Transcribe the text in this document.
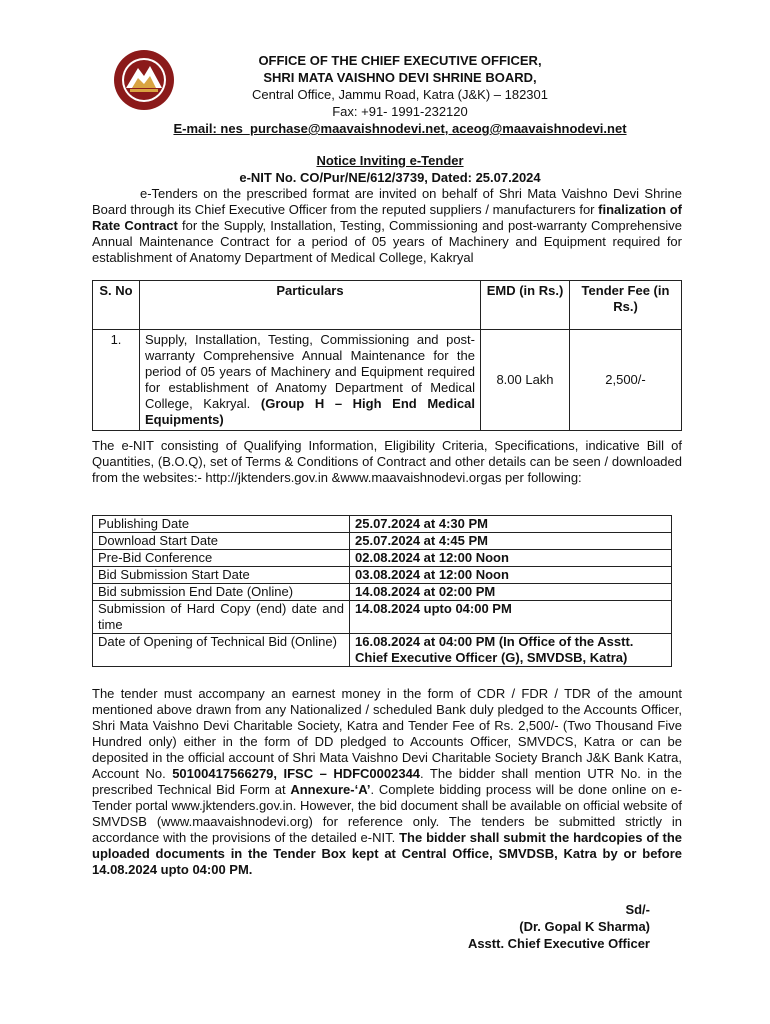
OFFICE OF THE CHIEF EXECUTIVE OFFICER,
SHRI MATA VAISHNO DEVI SHRINE BOARD,
Central Office, Jammu Road, Katra (J&K) – 182301
Fax: +91- 1991-232120
E-mail: nes_purchase@maavaishnodevi.net, aceog@maavaishnodevi.net
Notice Inviting e-Tender
e-NIT No. CO/Pur/NE/612/3739, Dated: 25.07.2024
e-Tenders on the prescribed format are invited on behalf of Shri Mata Vaishno Devi Shrine Board through its Chief Executive Officer from the reputed suppliers / manufacturers for finalization of Rate Contract for the Supply, Installation, Testing, Commissioning and post-warranty Comprehensive Annual Maintenance Contract for a period of 05 years of Machinery and Equipment required for establishment of Anatomy Department of Medical College, Kakryal
S. No	Particulars	EMD (in Rs.)	Tender Fee (in Rs.)
1.	Supply, Installation, Testing, Commissioning and post-warranty Comprehensive Annual Maintenance for the period of 05 years of Machinery and Equipment required for establishment of Anatomy Department of Medical College, Kakryal. (Group H – High End Medical Equipments)	8.00 Lakh	2,500/-
The e-NIT consisting of Qualifying Information, Eligibility Criteria, Specifications, indicative Bill of Quantities, (B.O.Q), set of Terms & Conditions of Contract and other details can be seen / downloaded from the websites:- http://jktenders.gov.in &www.maavaishnodevi.orgas per following:
Publishing Date	25.07.2024 at 4:30 PM
Download Start Date	25.07.2024 at 4:45 PM
Pre-Bid Conference	02.08.2024 at 12:00 Noon
Bid Submission Start Date	03.08.2024 at 12:00 Noon
Bid submission End Date (Online)	14.08.2024 at 02:00 PM
Submission of Hard Copy (end) date and time	14.08.2024 upto 04:00 PM
Date of Opening of Technical Bid (Online)	16.08.2024 at 04:00 PM (In Office of the Asstt. Chief Executive Officer (G), SMVDSB, Katra)
The tender must accompany an earnest money in the form of CDR / FDR / TDR of the amount mentioned above drawn from any Nationalized / scheduled Bank duly pledged to the Accounts Officer, Shri Mata Vaishno Devi Charitable Society, Katra and Tender Fee of Rs. 2,500/- (Two Thousand Five Hundred only) either in the form of DD pledged to Accounts Officer, SMVDCS, Katra or can be deposited in the official account of Shri Mata Vaishno Devi Charitable Society Branch J&K Bank Katra, Account No. 50100417566279, IFSC – HDFC0002344. The bidder shall mention UTR No. in the prescribed Technical Bid Form at Annexure-‘A’. Complete bidding process will be done online on e-Tender portal www.jktenders.gov.in. However, the bid document shall be available on official website of SMVDSB (www.maavaishnodevi.org) for reference only. The tenders be submitted strictly in accordance with the provisions of the detailed e-NIT. The bidder shall submit the hardcopies of the uploaded documents in the Tender Box kept at Central Office, SMVDSB, Katra by or before 14.08.2024 upto 04:00 PM.
Sd/-
(Dr. Gopal K Sharma)
Asstt. Chief Executive Officer
